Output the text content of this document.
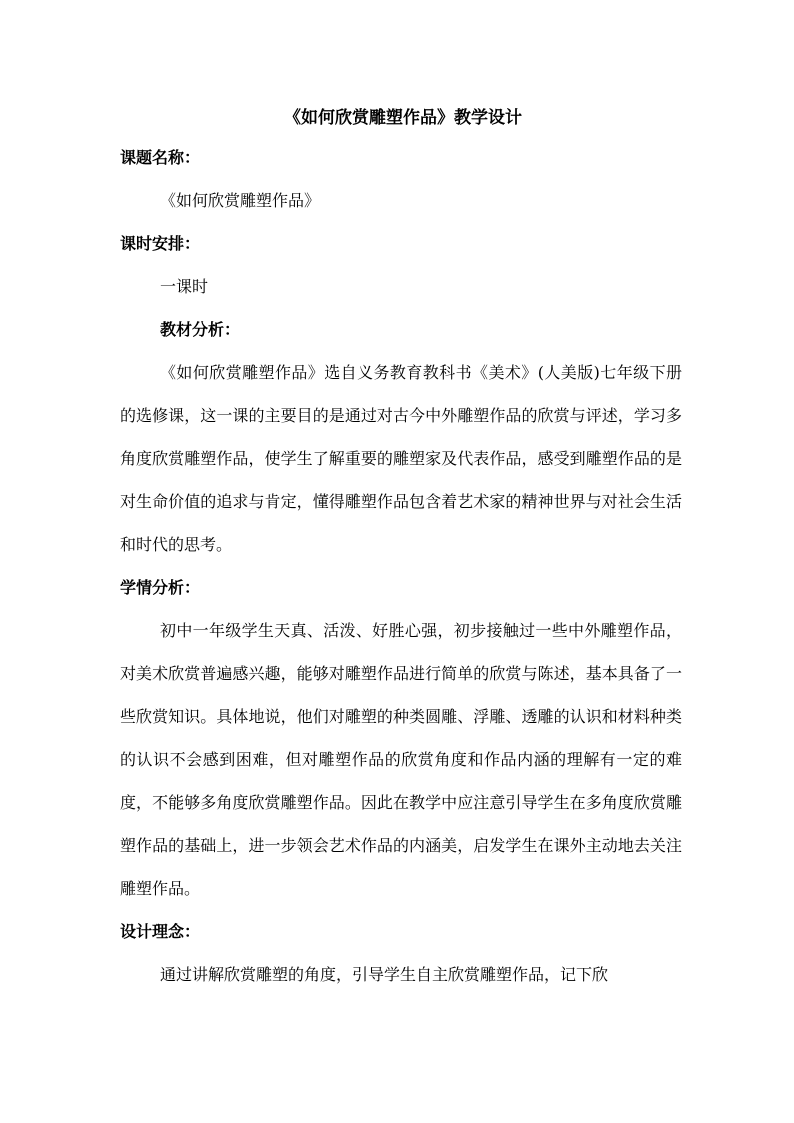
《如何欣赏雕塑作品》教学设计

课题名称：

《如何欣赏雕塑作品》

课时安排：

一课时

教材分析：

《如何欣赏雕塑作品》选自义务教育教科书《美术》(人美版)七年级下册的选修课，这一课的主要目的是通过对古今中外雕塑作品的欣赏与评述，学习多角度欣赏雕塑作品，使学生了解重要的雕塑家及代表作品，感受到雕塑作品的是对生命价值的追求与肯定，懂得雕塑作品包含着艺术家的精神世界与对社会生活和时代的思考。

学情分析：

初中一年级学生天真、活泼、好胜心强，初步接触过一些中外雕塑作品，对美术欣赏普遍感兴趣，能够对雕塑作品进行简单的欣赏与陈述，基本具备了一些欣赏知识。具体地说，他们对雕塑的种类圆雕、浮雕、透雕的认识和材料种类的认识不会感到困难，但对雕塑作品的欣赏角度和作品内涵的理解有一定的难度，不能够多角度欣赏雕塑作品。因此在教学中应注意引导学生在多角度欣赏雕塑作品的基础上，进一步领会艺术作品的内涵美，启发学生在课外主动地去关注雕塑作品。

设计理念：

通过讲解欣赏雕塑的角度，引导学生自主欣赏雕塑作品，记下欣
